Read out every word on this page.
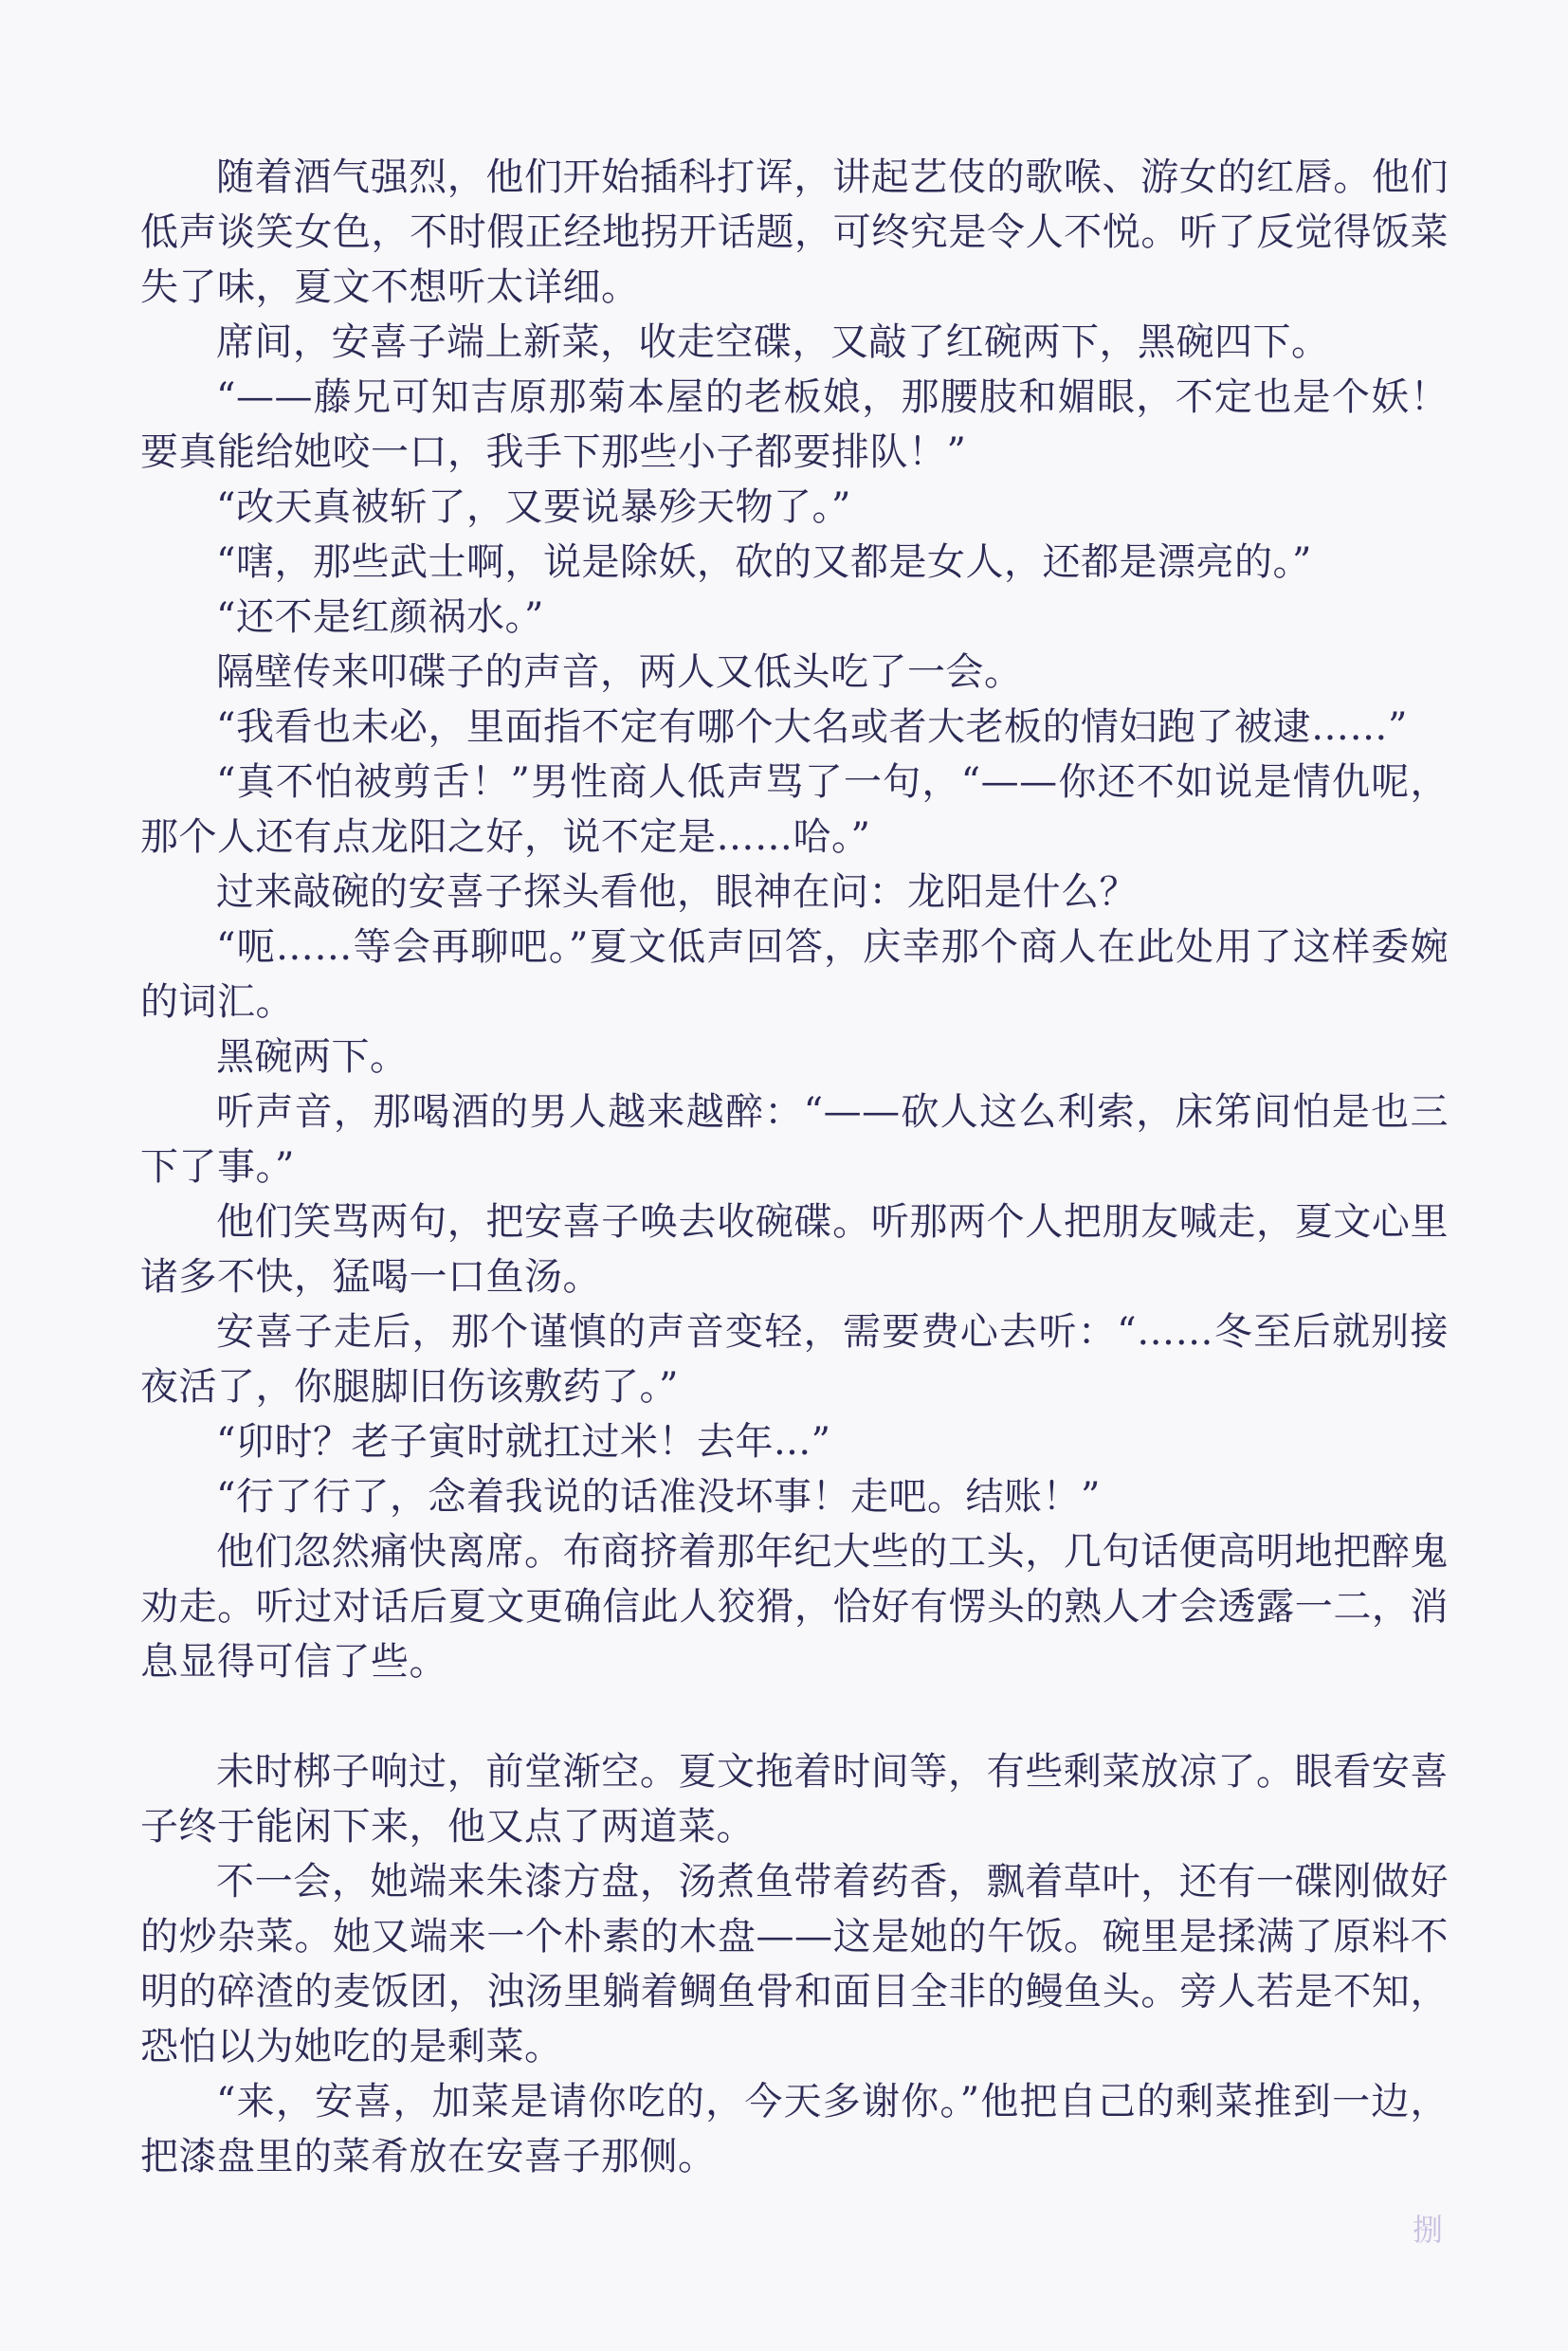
随着酒气强烈，他们开始插科打诨，讲起艺伎的歌喉、游女的红唇。他们低声谈笑女色，不时假正经地拐开话题，可终究是令人不悦。听了反觉得饭菜失了味，夏文不想听太详细。

席间，安喜子端上新菜，收走空碟，又敲了红碗两下，黑碗四下。

“——藤兄可知吉原那菊本屋的老板娘，那腰肢和媚眼，不定也是个妖！要真能给她咬一口，我手下那些小子都要排队！”

“改天真被斩了，又要说暴殄天物了。”

“嗐，那些武士啊，说是除妖，砍的又都是女人，还都是漂亮的。”

“还不是红颜祸水。”

隔壁传来叩碟子的声音，两人又低头吃了一会。

“我看也未必，里面指不定有哪个大名或者大老板的情妇跑了被逮……”

“真不怕被剪舌！”男性商人低声骂了一句，“——你还不如说是情仇呢，那个人还有点龙阳之好，说不定是……哈。”

过来敲碗的安喜子探头看他，眼神在问：龙阳是什么？

“呃……等会再聊吧。”夏文低声回答，庆幸那个商人在此处用了这样委婉的词汇。

黑碗两下。

听声音，那喝酒的男人越来越醉：“——砍人这么利索，床笫间怕是也三下了事。”

他们笑骂两句，把安喜子唤去收碗碟。听那两个人把朋友喊走，夏文心里诸多不快，猛喝一口鱼汤。

安喜子走后，那个谨慎的声音变轻，需要费心去听：“……冬至后就别接夜活了，你腿脚旧伤该敷药了。”

“卯时？老子寅时就扛过米！去年...”

“行了行了，念着我说的话准没坏事！走吧。结账！”

他们忽然痛快离席。布商挤着那年纪大些的工头，几句话便高明地把醉鬼劝走。听过对话后夏文更确信此人狡猾，恰好有愣头的熟人才会透露一二，消息显得可信了些。

未时梆子响过，前堂渐空。夏文拖着时间等，有些剩菜放凉了。眼看安喜子终于能闲下来，他又点了两道菜。

不一会，她端来朱漆方盘，汤煮鱼带着药香，飘着草叶，还有一碟刚做好的炒杂菜。她又端来一个朴素的木盘——这是她的午饭。碗里是揉满了原料不明的碎渣的麦饭团，浊汤里躺着鲷鱼骨和面目全非的鳗鱼头。旁人若是不知，恐怕以为她吃的是剩菜。

“来，安喜，加菜是请你吃的，今天多谢你。”他把自己的剩菜推到一边，把漆盘里的菜肴放在安喜子那侧。

捌
